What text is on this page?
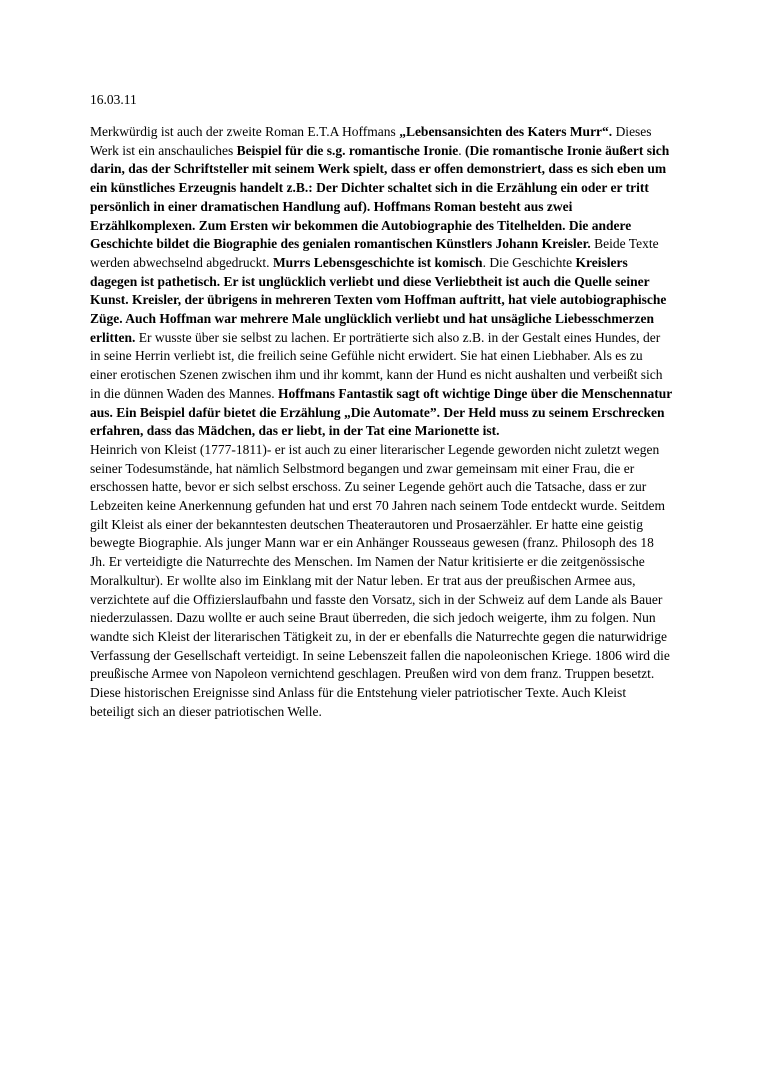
16.03.11

Merkwürdig ist auch der zweite Roman E.T.A Hoffmans „Lebensansichten des Katers Murr“. Dieses Werk ist ein anschauliches Beispiel für die s.g. romantische Ironie. (Die romantische Ironie äußert sich darin, das der Schriftsteller mit seinem Werk spielt, dass er offen demonstriert, dass es sich eben um ein künstliches Erzeugnis handelt z.B.: Der Dichter schaltet sich in die Erzählung ein oder er tritt persönlich in einer dramatischen Handlung auf). Hoffmans Roman besteht aus zwei Erzählkomplexen. Zum Ersten wir bekommen die Autobiographie des Titelhelden. Die andere Geschichte bildet die Biographie des genialen romantischen Künstlers Johann Kreisler. Beide Texte werden abwechselnd abgedruckt. Murrs Lebensgeschichte ist komisch. Die Geschichte Kreislers dagegen ist pathetisch. Er ist unglücklich verliebt und diese Verliebtheit ist auch die Quelle seiner Kunst. Kreisler, der übrigens in mehreren Texten vom Hoffman auftritt, hat viele autobiographische Züge. Auch Hoffman war mehrere Male unglücklich verliebt und hat unsägliche Liebesschmerzen erlitten. Er wusste über sie selbst zu lachen. Er porträtierte sich also z.B. in der Gestalt eines Hundes, der in seine Herrin verliebt ist, die freilich seine Gefühle nicht erwidert. Sie hat einen Liebhaber. Als es zu einer erotischen Szenen zwischen ihm und ihr kommt, kann der Hund es nicht aushalten und verbeißt sich in die dünnen Waden des Mannes. Hoffmans Fantastik sagt oft wichtige Dinge über die Menschennatur aus. Ein Beispiel dafür bietet die Erzählung „Die Automate”. Der Held muss zu seinem Erschrecken erfahren, dass das Mädchen, das er liebt, in der Tat eine Marionette ist.

Heinrich von Kleist (1777-1811)- er ist auch zu einer literarischer Legende geworden nicht zuletzt wegen seiner Todesumstände, hat nämlich Selbstmord begangen und zwar gemeinsam mit einer Frau, die er erschossen hatte, bevor er sich selbst erschoss. Zu seiner Legende gehört auch die Tatsache, dass er zur Lebzeiten keine Anerkennung gefunden hat und erst 70 Jahren nach seinem Tode entdeckt wurde. Seitdem gilt Kleist als einer der bekanntesten deutschen Theaterautoren und Prosaerzähler. Er hatte eine geistig bewegte Biographie. Als junger Mann war er ein Anhänger Rousseaus gewesen (franz. Philosoph des 18 Jh. Er verteidigte die Naturrechte des Menschen. Im Namen der Natur kritisierte er die zeitgenössische Moralkultur). Er wollte also im Einklang mit der Natur leben. Er trat aus der preußischen Armee aus, verzichtete auf die Offizierslaufbahn und fasste den Vorsatz, sich in der Schweiz auf dem Lande als Bauer niederzulassen. Dazu wollte er auch seine Braut überreden, die sich jedoch weigerte, ihm zu folgen. Nun wandte sich Kleist der literarischen Tätigkeit zu, in der er ebenfalls die Naturrechte gegen die naturwidrige Verfassung der Gesellschaft verteidigt. In seine Lebenszeit fallen die napoleonischen Kriege. 1806 wird die preußische Armee von Napoleon vernichtend geschlagen. Preußen wird von dem franz. Truppen besetzt. Diese historischen Ereignisse sind Anlass für die Entstehung vieler patriotischer Texte. Auch Kleist beteiligt sich an dieser patriotischen Welle.
